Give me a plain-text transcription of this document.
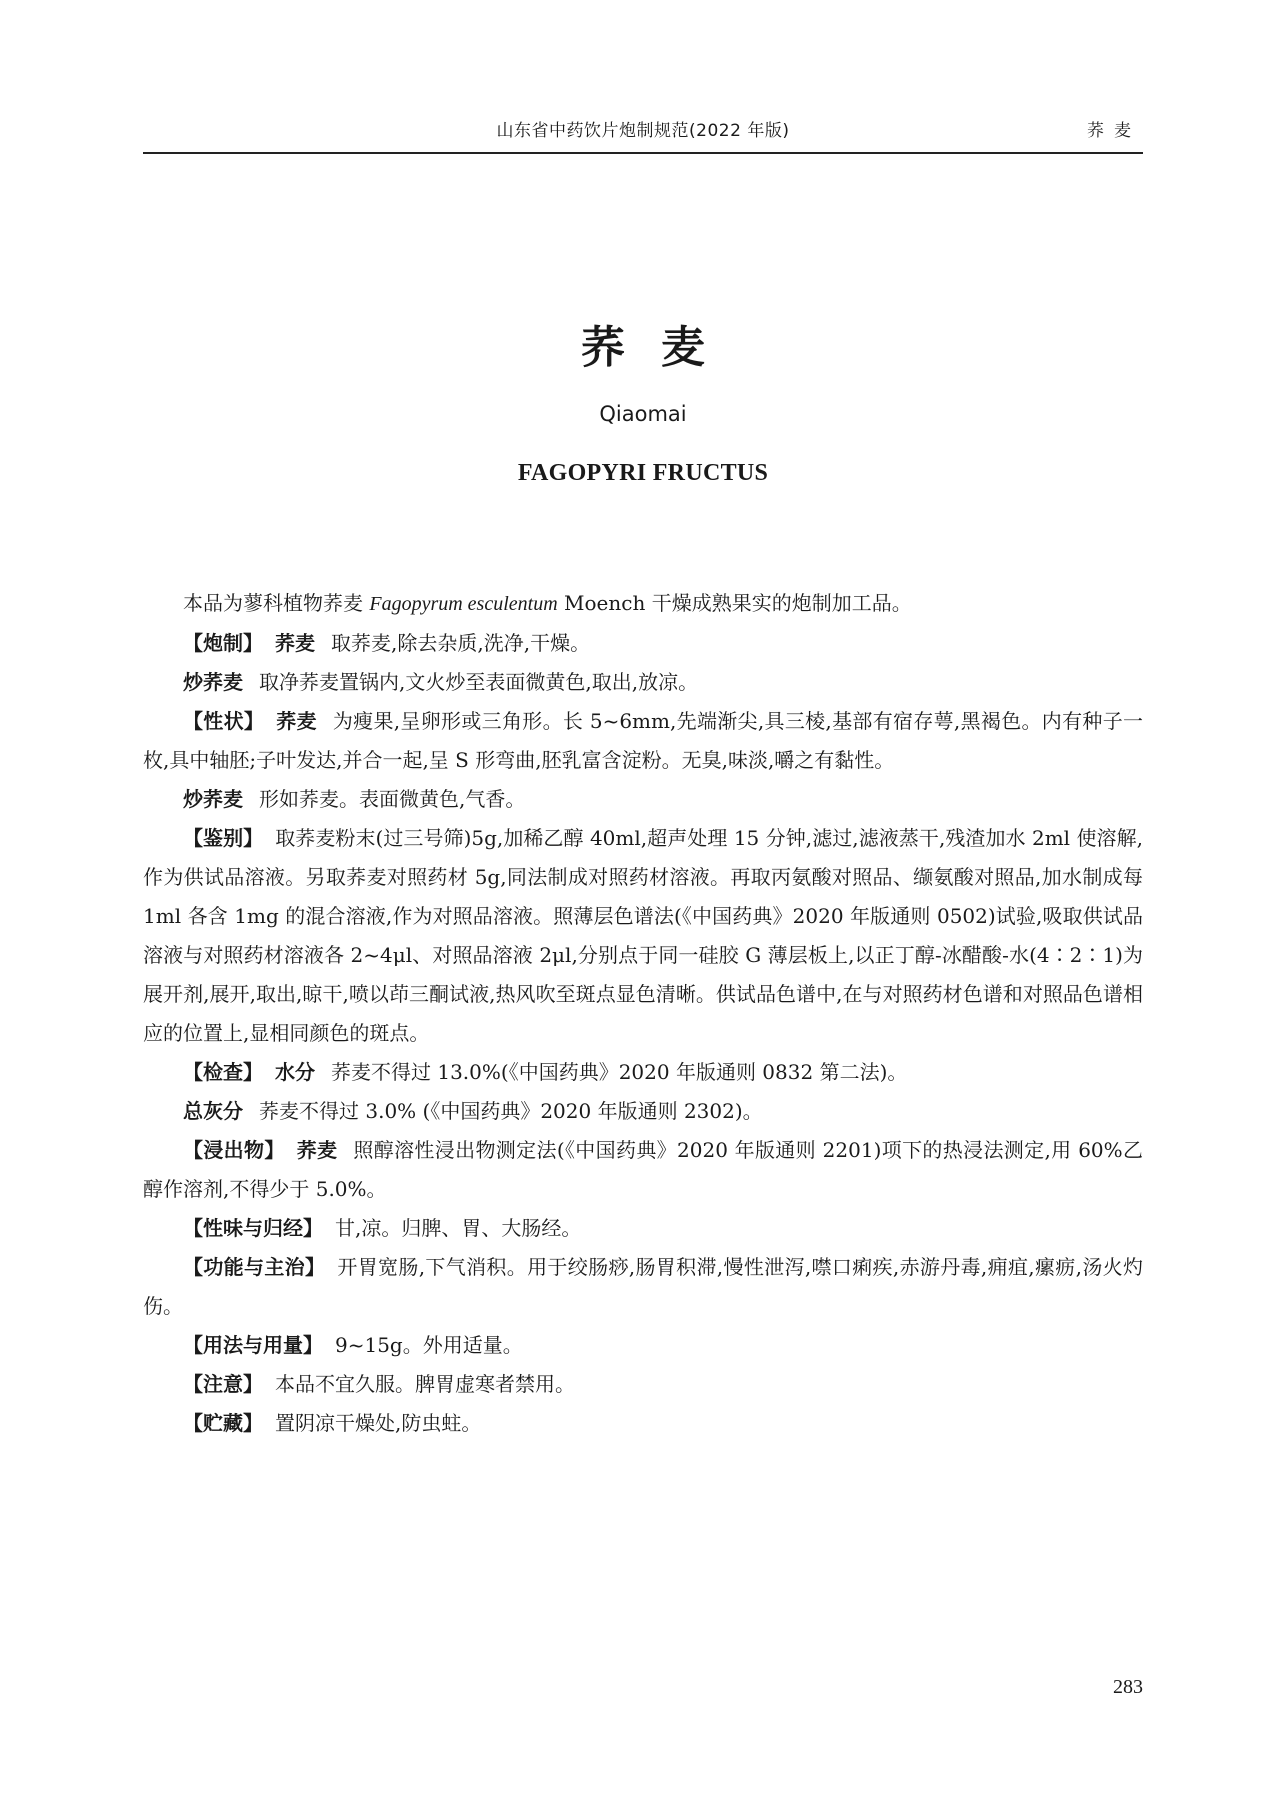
山东省中药饮片炮制规范(2022 年版)	荞麦
荞麦
Qiaomai
FAGOPYRI FRUCTUS

本品为蓼科植物荞麦 Fagopyrum esculentum Moench 干燥成熟果实的炮制加工品。

【炮制】 荞麦 取荞麦,除去杂质,洗净,干燥。

炒荞麦 取净荞麦置锅内,文火炒至表面微黄色,取出,放凉。

【性状】 荞麦 为瘦果,呈卵形或三角形。长 5~6mm,先端渐尖,具三棱,基部有宿存萼,黑褐色。内有种子一枚,具中轴胚;子叶发达,并合一起,呈 S 形弯曲,胚乳富含淀粉。无臭,味淡,嚼之有黏性。

炒荞麦 形如荞麦。表面微黄色,气香。

【鉴别】 取荞麦粉末(过三号筛)5g,加稀乙醇 40ml,超声处理 15 分钟,滤过,滤液蒸干,残渣加水 2ml 使溶解,作为供试品溶液。另取荞麦对照药材 5g,同法制成对照药材溶液。再取丙氨酸对照品、缬氨酸对照品,加水制成每 1ml 各含 1mg 的混合溶液,作为对照品溶液。照薄层色谱法(《中国药典》2020 年版通则 0502)试验,吸取供试品溶液与对照药材溶液各 2~4μl、对照品溶液 2μl,分别点于同一硅胶 G 薄层板上,以正丁醇-冰醋酸-水(4∶2∶1)为展开剂,展开,取出,晾干,喷以茚三酮试液,热风吹至斑点显色清晰。供试品色谱中,在与对照药材色谱和对照品色谱相应的位置上,显相同颜色的斑点。

【检查】 水分 荞麦不得过 13.0%(《中国药典》2020 年版通则 0832 第二法)。

总灰分 荞麦不得过 3.0% (《中国药典》2020 年版通则 2302)。

【浸出物】 荞麦 照醇溶性浸出物测定法(《中国药典》2020 年版通则 2201)项下的热浸法测定,用 60%乙醇作溶剂,不得少于 5.0%。

【性味与归经】 甘,凉。归脾、胃、大肠经。

【功能与主治】 开胃宽肠,下气消积。用于绞肠痧,肠胃积滞,慢性泄泻,噤口痢疾,赤游丹毒,痈疽,瘰疬,汤火灼伤。

【用法与用量】 9~15g。外用适量。

【注意】 本品不宜久服。脾胃虚寒者禁用。

【贮藏】 置阴凉干燥处,防虫蛀。

283
